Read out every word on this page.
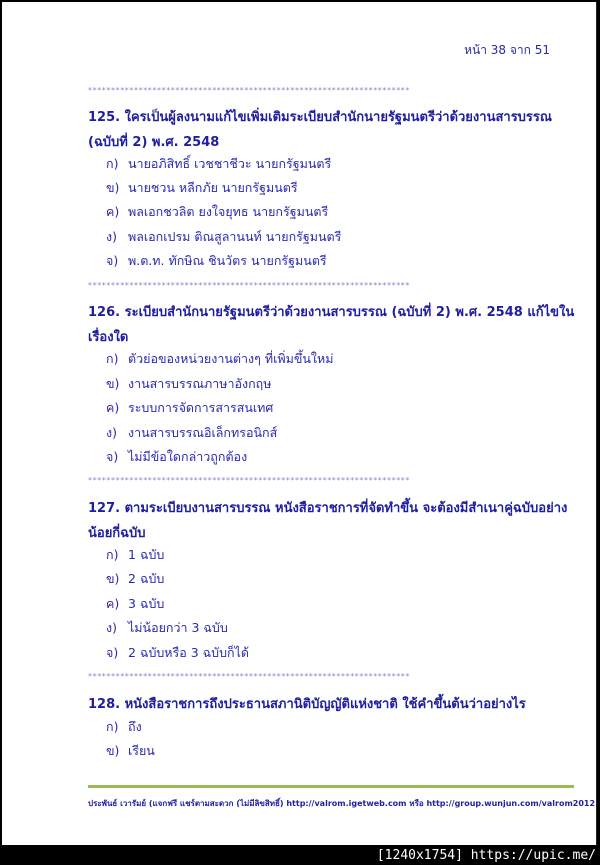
หน้า 38 จาก 51
**********************************************************************
125. ใครเป็นผู้ลงนามแก้ไขเพิ่มเติมระเบียบสำนักนายรัฐมนตรีว่าด้วยงานสารบรรณ (ฉบับที่ 2) พ.ศ. 2548
ก) นายอภิสิทธิ์ เวชชาชีวะ นายกรัฐมนตรี
ข) นายชวน หลีกภัย นายกรัฐมนตรี
ค) พลเอกชวลิต ยงใจยุทธ นายกรัฐมนตรี
ง) พลเอกเปรม ติณสูลานนท์ นายกรัฐมนตรี
จ) พ.ต.ท. ทักษิณ ชินวัตร นายกรัฐมนตรี
**********************************************************************
126. ระเบียบสำนักนายรัฐมนตรีว่าด้วยงานสารบรรณ (ฉบับที่ 2) พ.ศ. 2548 แก้ไขในเรื่องใด
ก) ตัวย่อของหน่วยงานต่างๆ ที่เพิ่มขึ้นใหม่
ข) งานสารบรรณภาษาอังกฤษ
ค) ระบบการจัดการสารสนเทศ
ง) งานสารบรรณอิเล็กทรอนิกส์
จ) ไม่มีข้อใดกล่าวถูกต้อง
**********************************************************************
127. ตามระเบียบงานสารบรรณ หนังสือราชการที่จัดทำขึ้น จะต้องมีสำเนาคู่ฉบับอย่างน้อยกี่ฉบับ
ก) 1 ฉบับ
ข) 2 ฉบับ
ค) 3 ฉบับ
ง) ไม่น้อยกว่า 3 ฉบับ
จ) 2 ฉบับหรือ 3 ฉบับก็ได้
**********************************************************************
128. หนังสือราชการถึงประธานสภานิติบัญญัติแห่งชาติ ใช้คำขึ้นต้นว่าอย่างไร
ก) ถึง
ข) เรียน
ประพันธ์ เวารัมย์ (แจกฟรี แชร์ตามสะดวก (ไม่มีลิขสิทธิ์) http://valrom.igetweb.com หรือ http://group.wunjun.com/valrom2012
[1240x1754] https://upic.me/
